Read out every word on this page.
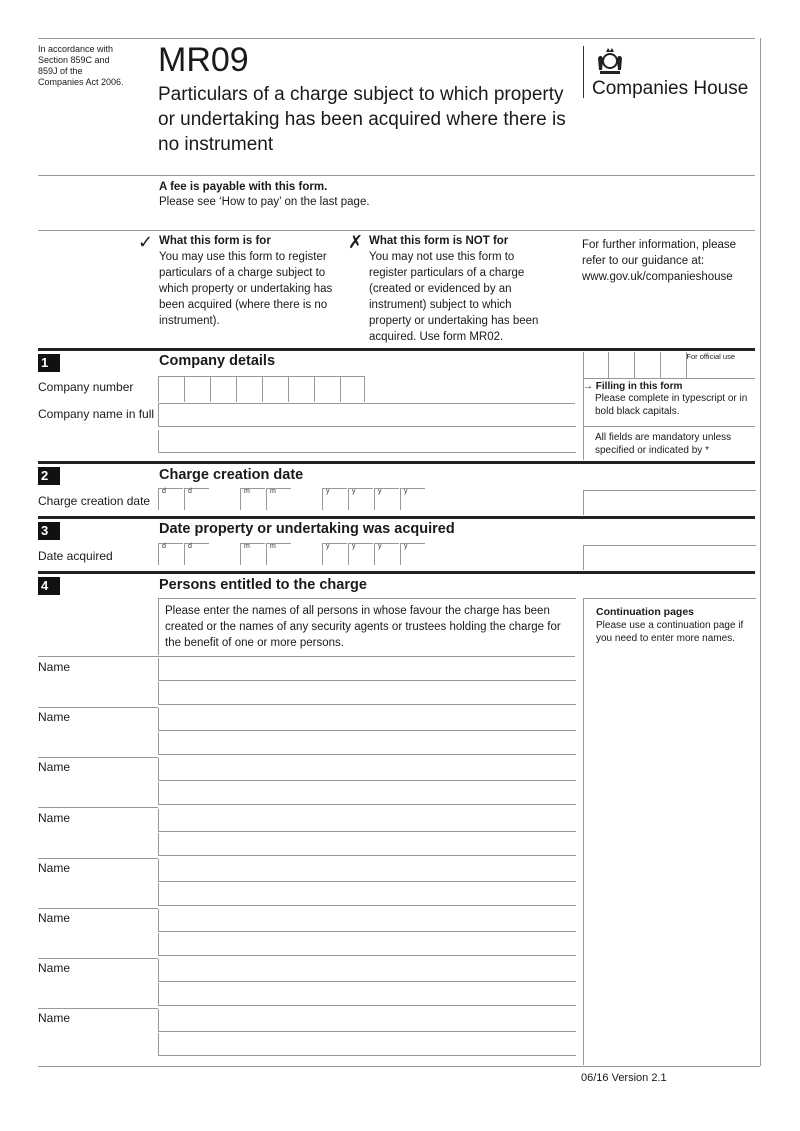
In accordance with Section 859C and 859J of the Companies Act 2006.
MR09
Particulars of a charge subject to which property or undertaking has been acquired where there is no instrument
Companies House
A fee is payable with this form.
Please see ‘How to pay’ on the last page.
✓ What this form is for
You may use this form to register particulars of a charge subject to which property or undertaking has been acquired (where there is no instrument).
✗ What this form is NOT for
You may not use this form to register particulars of a charge (created or evidenced by an instrument) subject to which property or undertaking has been acquired. Use form MR02.
For further information, please refer to our guidance at: www.gov.uk/companieshouse
1	Company details	For official use
Company number
Company name in full
→ Filling in this form
Please complete in typescript or in bold black capitals.
All fields are mandatory unless specified or indicated by *
2	Charge creation date
Charge creation date
d	d	m	m	y	y	y	y
3	Date property or undertaking was acquired
Date acquired
d	d	m	m	y	y	y	y
4	Persons entitled to the charge
Please enter the names of all persons in whose favour the charge has been created or the names of any security agents or trustees holding the charge for the benefit of one or more persons.
Continuation pages
Please use a continuation page if you need to enter more names.
Name
Name
Name
Name
Name
Name
Name
Name
06/16 Version 2.1
